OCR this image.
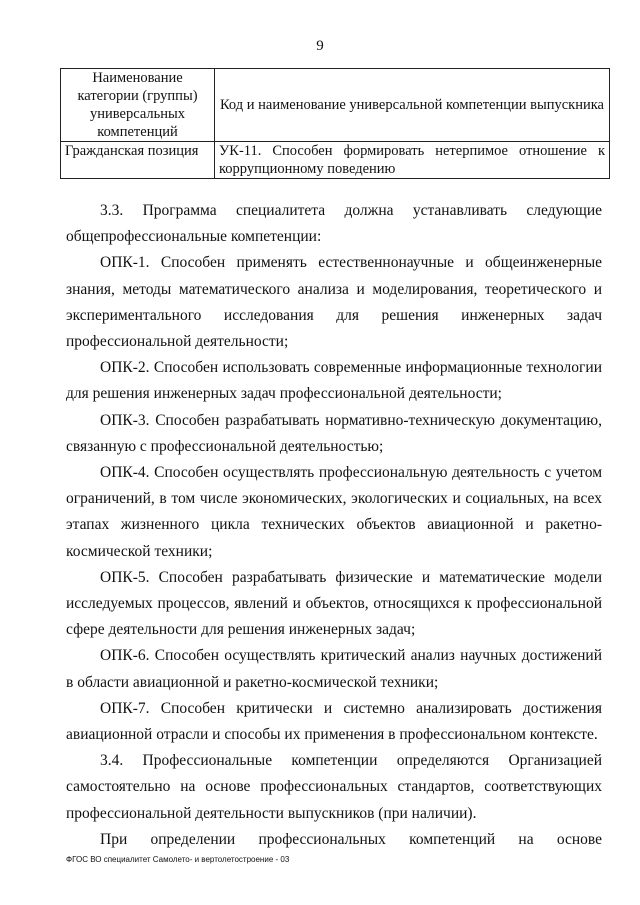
9
Наименование категории (группы) универсальных компетенций	Код и наименование универсальной компетенции выпускника
Гражданская позиция	УК-11. Способен формировать нетерпимое отношение к коррупционному поведению

3.3. Программа специалитета должна устанавливать следующие общепрофессиональные компетенции:

ОПК-1. Способен применять естественнонаучные и общеинженерные знания, методы математического анализа и моделирования, теоретического и экспериментального исследования для решения инженерных задач профессиональной деятельности;

ОПК-2. Способен использовать современные информационные технологии для решения инженерных задач профессиональной деятельности;

ОПК-3. Способен разрабатывать нормативно-техническую документацию, связанную с профессиональной деятельностью;

ОПК-4. Способен осуществлять профессиональную деятельность с учетом ограничений, в том числе экономических, экологических и социальных, на всех этапах жизненного цикла технических объектов авиационной и ракетно-космической техники;

ОПК-5. Способен разрабатывать физические и математические модели исследуемых процессов, явлений и объектов, относящихся к профессиональной сфере деятельности для решения инженерных задач;

ОПК-6. Способен осуществлять критический анализ научных достижений в области авиационной и ракетно-космической техники;

ОПК-7. Способен критически и системно анализировать достижения авиационной отрасли и способы их применения в профессиональном контексте.

3.4. Профессиональные компетенции определяются Организацией самостоятельно на основе профессиональных стандартов, соответствующих профессиональной деятельности выпускников (при наличии).

При определении профессиональных компетенций на основе

ФГОС ВО специалитет Самолето- и вертолетостроение - 03
